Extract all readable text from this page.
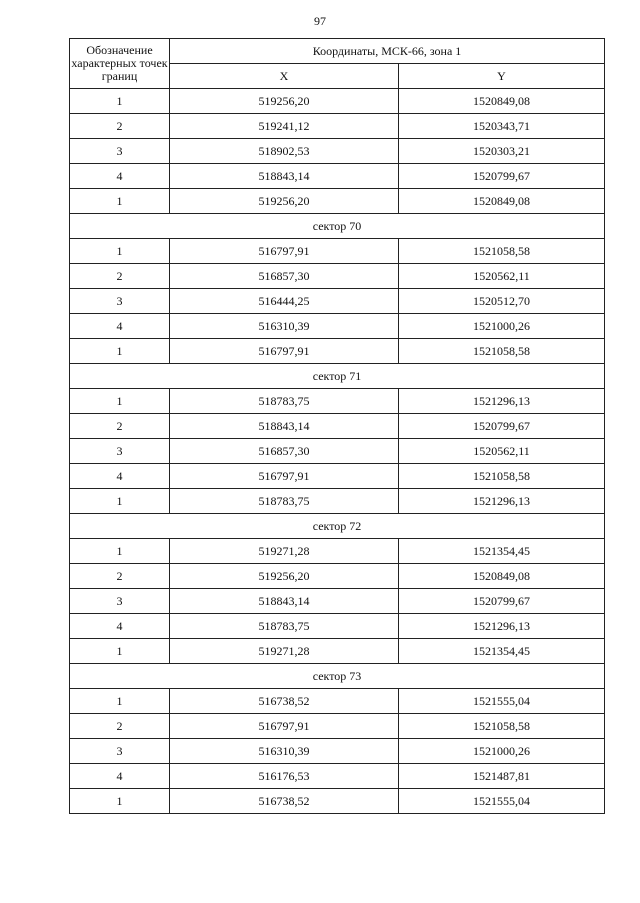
97
Обозначение характерных точек границ	Координаты, МСК-66, зона 1	
	X	Y
1	519256,20	1520849,08
2	519241,12	1520343,71
3	518902,53	1520303,21
4	518843,14	1520799,67
1	519256,20	1520849,08
сектор 70		
1	516797,91	1521058,58
2	516857,30	1520562,11
3	516444,25	1520512,70
4	516310,39	1521000,26
1	516797,91	1521058,58
сектор 71		
1	518783,75	1521296,13
2	518843,14	1520799,67
3	516857,30	1520562,11
4	516797,91	1521058,58
1	518783,75	1521296,13
сектор 72		
1	519271,28	1521354,45
2	519256,20	1520849,08
3	518843,14	1520799,67
4	518783,75	1521296,13
1	519271,28	1521354,45
сектор 73		
1	516738,52	1521555,04
2	516797,91	1521058,58
3	516310,39	1521000,26
4	516176,53	1521487,81
1	516738,52	1521555,04
